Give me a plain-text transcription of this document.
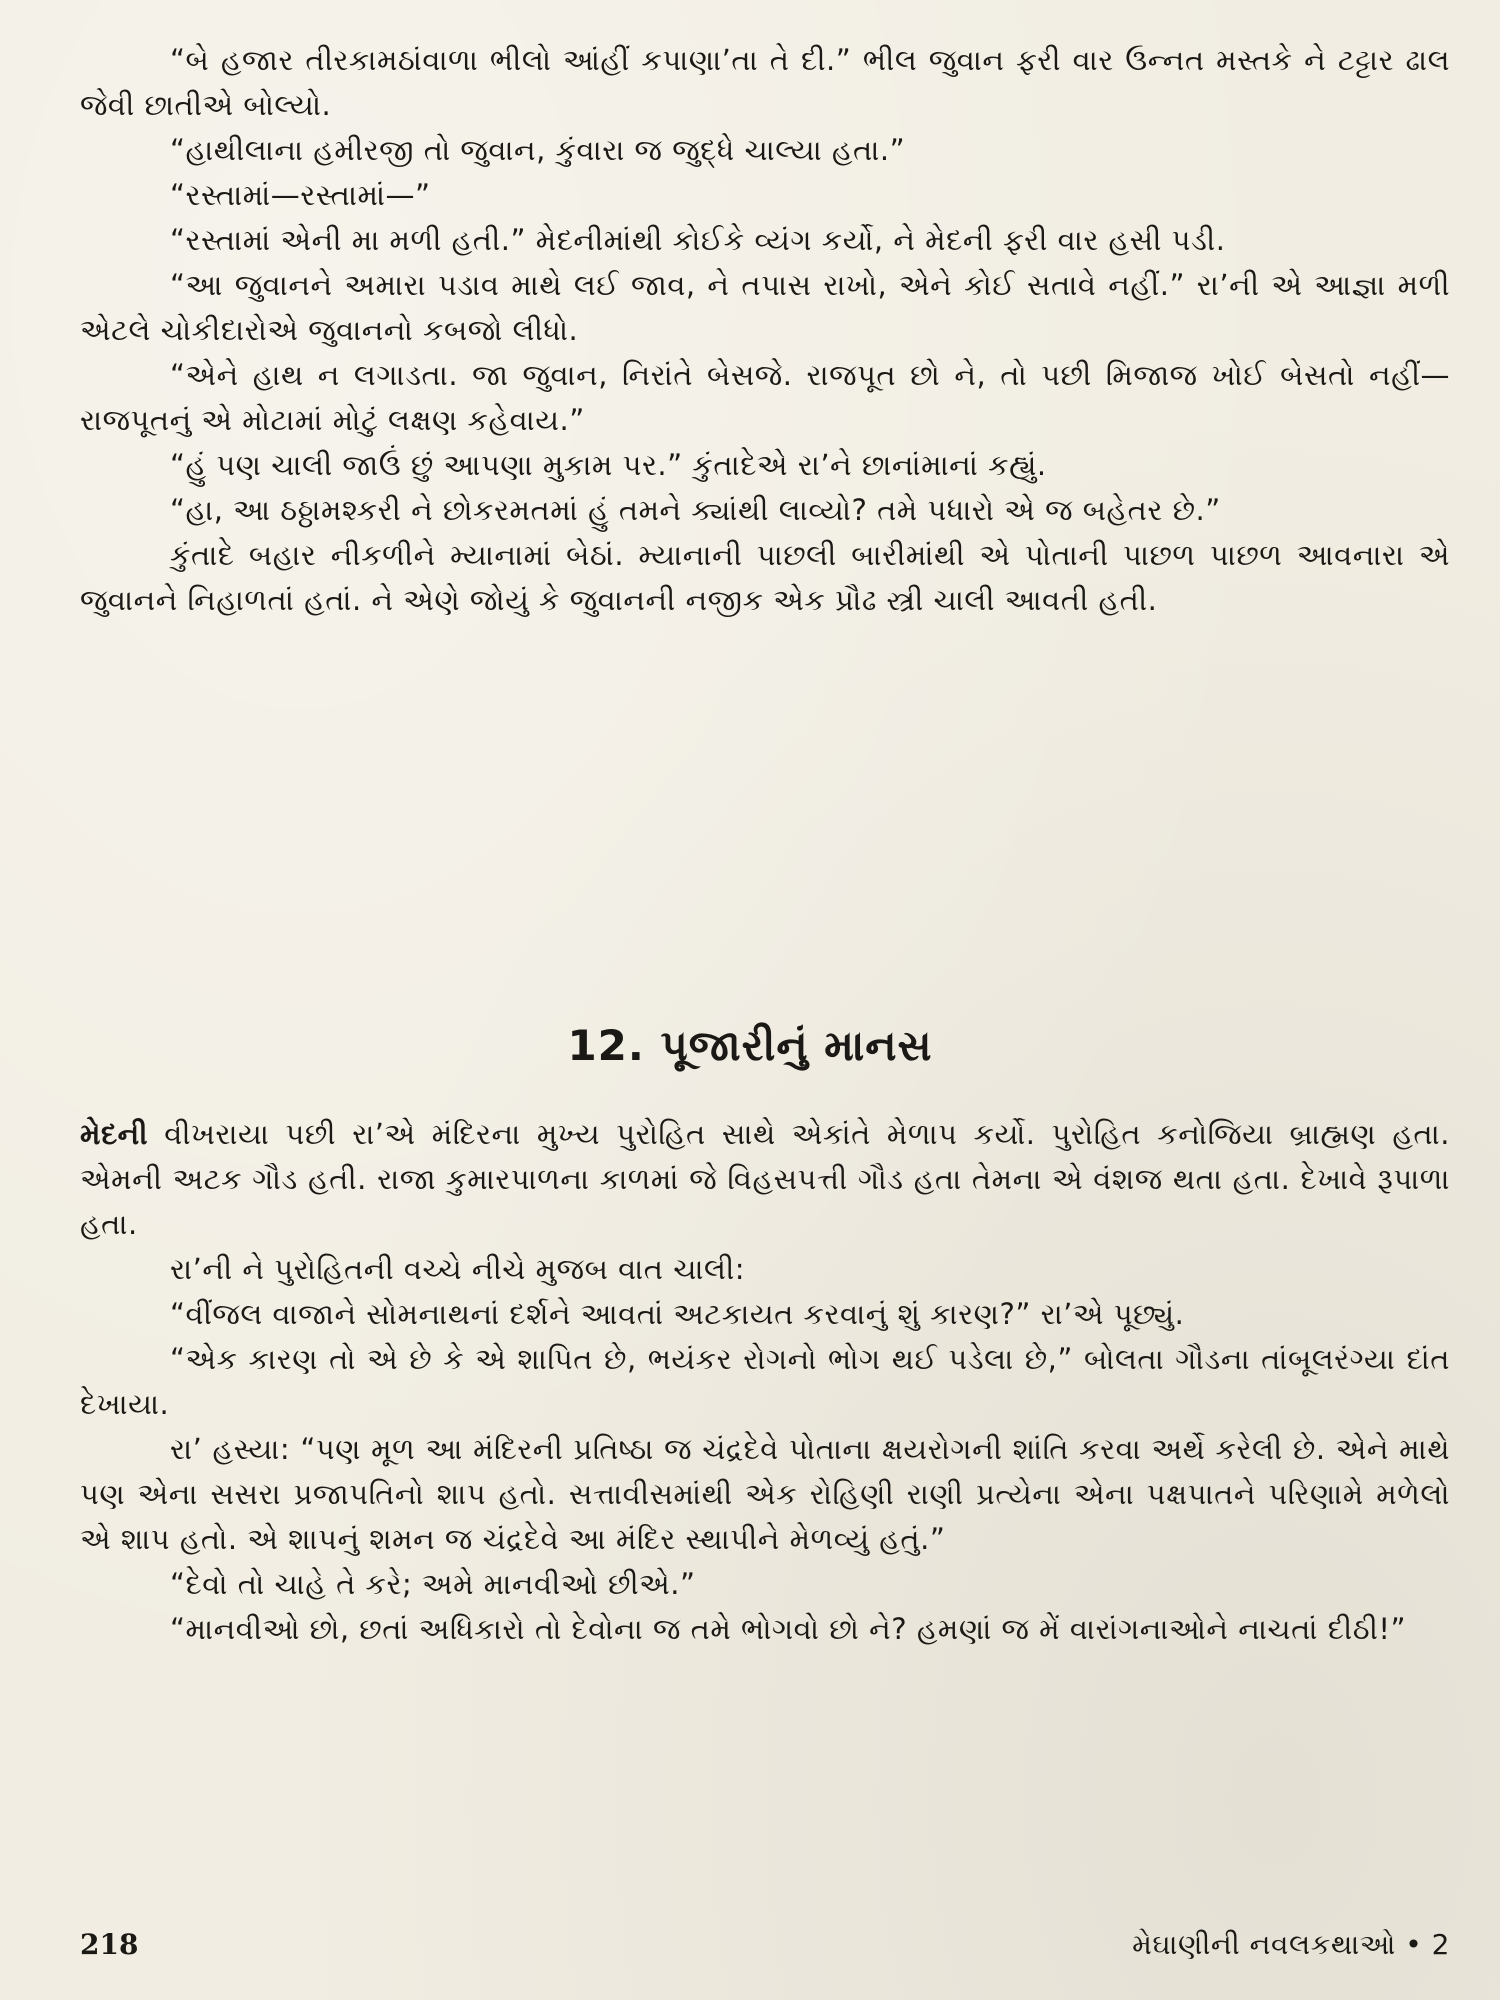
“બે હજાર તીરકામઠાંવાળા ભીલો આંહીં કપાણા’તા તે દી.” ભીલ જુવાન ફરી વાર ઉન્નત મસ્તકે ને ટટ્ટાર ઢાલ જેવી છાતીએ બોલ્યો.

“હાથીલાના હમીરજી તો જુવાન, કુંવારા જ જુદ્ધે ચાલ્યા હતા.”

“રસ્તામાં—રસ્તામાં—”

“રસ્તામાં એની મા મળી હતી.” મેદનીમાંથી કોઈકે વ્યંગ કર્યો, ને મેદની ફરી વાર હસી પડી.

“આ જુવાનને અમારા પડાવ માથે લઈ જાવ, ને તપાસ રાખો, એને કોઈ સતાવે નહીં.” રા’ની એ આજ્ઞા મળી એટલે ચોકીદારોએ જુવાનનો કબજો લીધો.

“એને હાથ ન લગાડતા. જા જુવાન, નિરાંતે બેસજે. રાજપૂત છો ને, તો પછી મિજાજ ખોઈ બેસતો નહીં—રાજપૂતનું એ મોટામાં મોટું લક્ષણ કહેવાય.”

“હું પણ ચાલી જાઉં છું આપણા મુકામ પર.” કુંતાદેએ રા’ને છાનાંમાનાં કહ્યું.

“હા, આ ઠઠ્ઠામશ્કરી ને છોકરમતમાં હું તમને ક્યાંથી લાવ્યો? તમે પધારો એ જ બહેતર છે.”

કુંતાદે બહાર નીકળીને મ્યાનામાં બેઠાં. મ્યાનાની પાછલી બારીમાંથી એ પોતાની પાછળ પાછળ આવનારા એ જુવાનને નિહાળતાં હતાં. ને એણે જોયું કે જુવાનની નજીક એક પ્રૌઢ સ્ત્રી ચાલી આવતી હતી.

12. પૂજારીનું માનસ

મેદની વીખરાયા પછી રા’એ મંદિરના મુખ્ય પુરોહિત સાથે એકાંતે મેળાપ કર્યો. પુરોહિત કનોજિયા બ્રાહ્મણ હતા. એમની અટક ગૌડ હતી. રાજા કુમારપાળના કાળમાં જે વિહસપત્તી ગૌડ હતા તેમના એ વંશજ થતા હતા. દેખાવે રૂપાળા હતા.

રા’ની ને પુરોહિતની વચ્ચે નીચે મુજબ વાત ચાલી:

“વીંજલ વાજાને સોમનાથનાં દર્શને આવતાં અટકાયત કરવાનું શું કારણ?” રા’એ પૂછ્યું.

“એક કારણ તો એ છે કે એ શાપિત છે, ભયંકર રોગનો ભોગ થઈ પડેલા છે,” બોલતા ગૌડના તાંબૂલરંગ્યા દાંત દેખાયા.

રા’ હસ્યા: “પણ મૂળ આ મંદિરની પ્રતિષ્ઠા જ ચંદ્રદેવે પોતાના ક્ષયરોગની શાંતિ કરવા અર્થે કરેલી છે. એને માથે પણ એના સસરા પ્રજાપતિનો શાપ હતો. સત્તાવીસમાંથી એક રોહિણી રાણી પ્રત્યેના એના પક્ષપાતને પરિણામે મળેલો એ શાપ હતો. એ શાપનું શમન જ ચંદ્રદેવે આ મંદિર સ્થાપીને મેળવ્યું હતું.”

“દેવો તો ચાહે તે કરે; અમે માનવીઓ છીએ.”

“માનવીઓ છો, છતાં અધિકારો તો દેવોના જ તમે ભોગવો છો ને? હમણાં જ મેં વારાંગનાઓને નાચતાં દીઠી!”

218	મેઘાણીની નવલકથાઓ • 2
